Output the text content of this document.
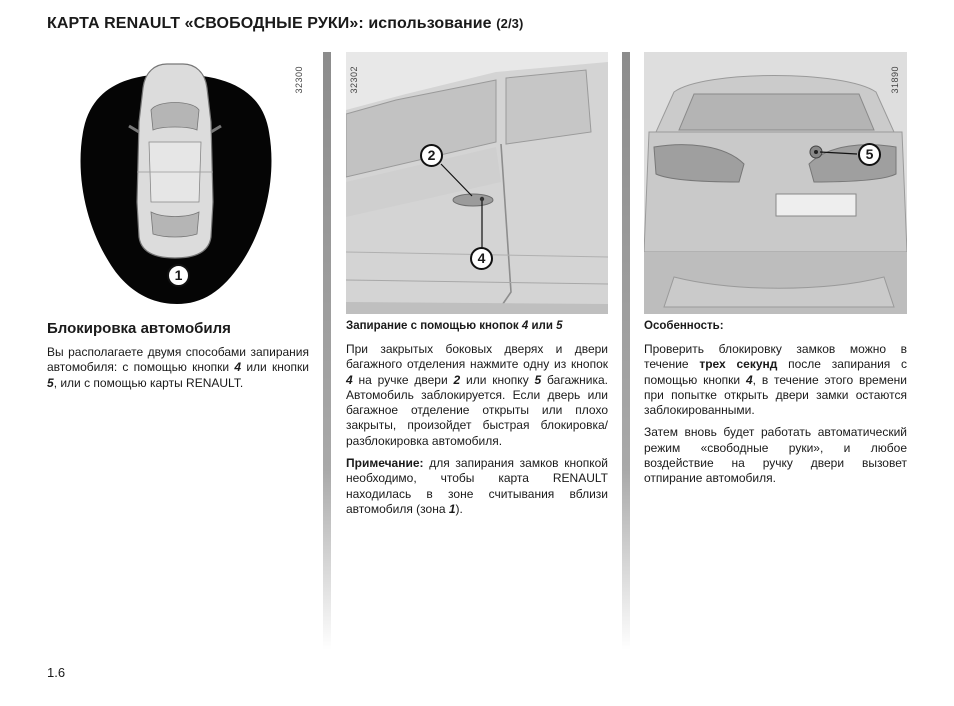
КАРТА RENAULT «СВОБОДНЫЕ РУКИ»: использование (2/3)
1
32300
2
4
32302
5
31890
Блокировка автомобиля

Вы располагаете двумя способами запирания автомобиля: с помощью кнопки 4 или кнопки 5, или с помощью карты RENAULT.

Запирание с помощью кнопок 4 или 5

При закрытых боковых дверях и двери багажного отделения нажмите одну из кнопок 4 на ручке двери 2 или кнопку 5 багажника. Автомобиль заблокируется. Если дверь или багажное отделение открыты или плохо закрыты, произойдет быстрая блокировка/разблокировка автомобиля.

Примечание: для запирания замков кнопкой необходимо, чтобы карта RENAULT находилась в зоне считывания вблизи автомобиля (зона 1).

Особенность:

Проверить блокировку замков можно в течение трех секунд после запирания с помощью кнопки 4, в течение этого времени при попытке открыть двери замки остаются заблокированными.

Затем вновь будет работать автоматический режим «свободные руки», и любое воздействие на ручку двери вызовет отпирание автомобиля.

1.6
